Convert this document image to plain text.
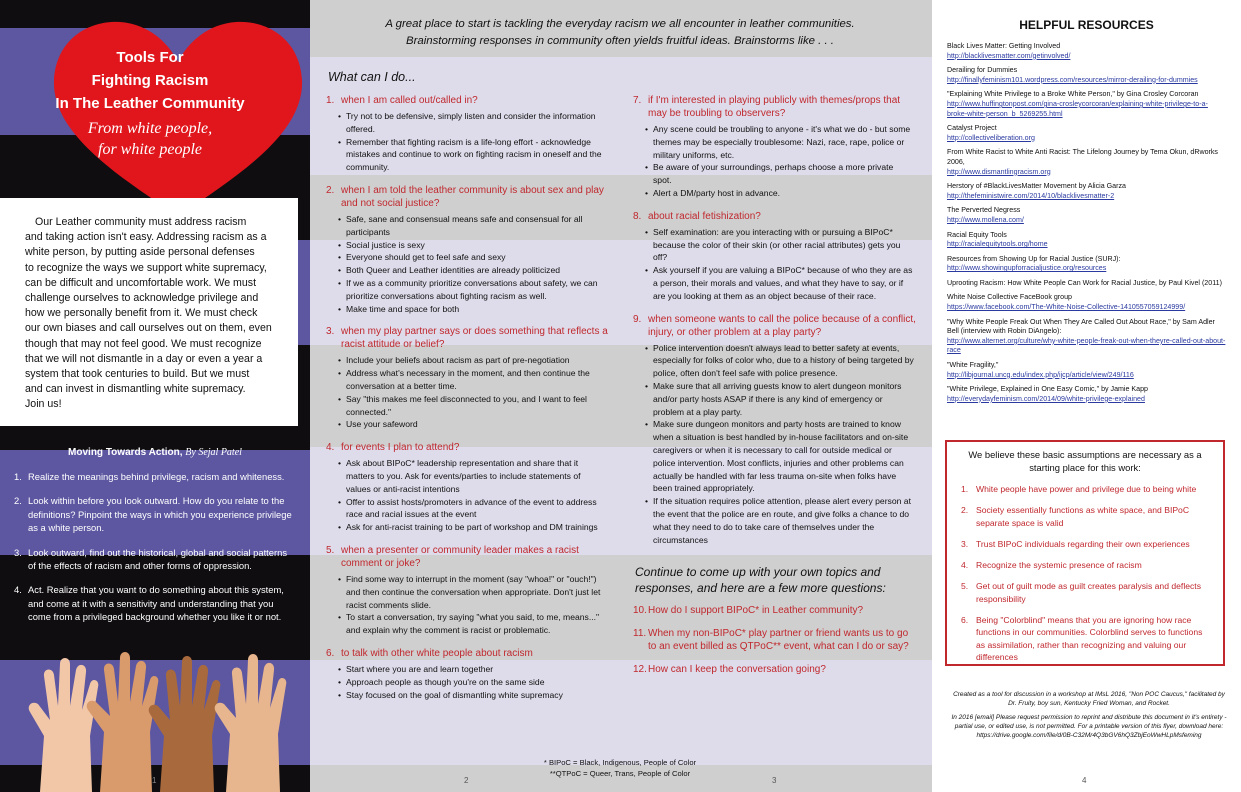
Tools For
Fighting Racism
In The Leather Community
From white people,
for white people
Our Leather community must address racism
and taking action isn't easy. Addressing racism as a
white person, by putting aside personal defenses
to recognize the ways we support white supremacy,
can be difficult and uncomfortable work. We must
challenge ourselves to acknowledge privilege and
how we personally benefit from it. We must check
our own biases and call ourselves out on them, even
though that may not feel good. We must recognize
that we will not dismantle in a day or even a year a
system that took centuries to build. But we must
and can invest in dismantling white supremacy.
Join us!
Moving Towards Action, By Sejal Patel
1. Realize the meanings behind privilege, racism and whiteness.
2. Look within before you look outward. How do you relate to the definitions? Pinpoint the ways in which you experience privilege as a white person.
3. Look outward, find out the historical, global and social patterns of the effects of racism and other forms of oppression.
4. Act. Realize that you want to do something about this system, and come at it with a sensitivity and understanding that you come from a privileged background whether you like it or not.
1
A great place to start is tackling the everyday racism we all encounter in leather communities.
Brainstorming responses in community often yields fruitful ideas. Brainstorms like . . .
What can I do...
1. when I am called out/called in?
• Try not to be defensive, simply listen and consider the information offered.
• Remember that fighting racism is a life-long effort - acknowledge mistakes and continue to work on fighting racism in oneself and the community.
2. when I am told the leather community is about sex and play and not social justice?
• Safe, sane and consensual means safe and consensual for all participants
• Social justice is sexy
• Everyone should get to feel safe and sexy
• Both Queer and Leather identities are already politicized
• If we as a community prioritize conversations about safety, we can prioritize conversations about fighting racism as well.
• Make time and space for both
3. when my play partner says or does something that reflects a racist attitude or belief?
• Include your beliefs about racism as part of pre-negotiation
• Address what's necessary in the moment, and then continue the conversation at a better time.
• Say "this makes me feel disconnected to you, and I want to feel connected."
• Use your safeword
4. for events I plan to attend?
• Ask about BIPoC* leadership representation and share that it matters to you. Ask for events/parties to include statements of values or anti-racist intentions
• Offer to assist hosts/promoters in advance of the event to address race and racial issues at the event
• Ask for anti-racist training to be part of workshop and DM trainings
5. when a presenter or community leader makes a racist comment or joke?
• Find some way to interrupt in the moment (say "whoa!" or "ouch!") and then continue the conversation when appropriate. Don't just let racist comments slide.
• To start a conversation, try saying "what you said, to me, means..." and explain why the comment is racist or problematic.
6. to talk with other white people about racism
• Start where you are and learn together
• Approach people as though you're on the same side
• Stay focused on the goal of dismantling white supremacy
7. if I'm interested in playing publicly with themes/props that may be troubling to observers?
• Any scene could be troubling to anyone - it's what we do - but some themes may be especially troublesome: Nazi, race, rape, police or military uniforms, etc.
• Be aware of your surroundings, perhaps choose a more private spot.
• Alert a DM/party host in advance.
8. about racial fetishization?
• Self examination: are you interacting with or pursuing a BIPoC* because the color of their skin (or other racial attributes) gets you off?
• Ask yourself if you are valuing a BIPoC* because of who they are as a person, their morals and values, and what they have to say, or if are you looking at them as an object because of their race.
9. when someone wants to call the police because of a conflict, injury, or other problem at a play party?
• Police intervention doesn't always lead to better safety at events, especially for folks of color who, due to a history of being targeted by police, often don't feel safe with police presence.
• Make sure that all arriving guests know to alert dungeon monitors and/or party hosts ASAP if there is any kind of emergency or problem at a play party.
• Make sure dungeon monitors and party hosts are trained to know when a situation is best handled by in-house facilitators and on-site caregivers or when it is necessary to call for outside medical or police intervention. Most conflicts, injuries and other problems can actually be handled with far less trauma on-site when folks have been trained appropriately.
• If the situation requires police attention, please alert every person at the event that the police are en route, and give folks a chance to do what they need to do to take care of themselves under the circumstances
Continue to come up with your own topics and responses, and here are a few more questions:
10. How do I support BIPoC* in Leather community?
11. When my non-BIPoC* play partner or friend wants us to go to an event billed as QTPoC** event, what can I do or say?
12. How can I keep the conversation going?
* BIPoC = Black, Indigenous, People of Color
**QTPoC = Queer, Trans, People of Color
2	3
HELPFUL RESOURCES
Black Lives Matter: Getting Involved
http://blacklivesmatter.com/getinvolved/
Derailing for Dummies
http://finallyfeminism101.wordpress.com/resources/mirror-derailing-for-dummies
"Explaining White Privilege to a Broke White Person," by Gina Crosley Corcoran
http://www.huffingtonpost.com/gina-crosleycorcoran/explaining-white-privilege-to-a-broke-white-person_b_5269255.html
Catalyst Project
http://collectiveliberation.org
From White Racist to White Anti Racist: The Lifelong Journey by Tema Okun, dRworks 2006,
http://www.dismantlingracism.org
Herstory of #BlackLivesMatter Movement by Alicia Garza
http://thefeministwire.com/2014/10/blacklivesmatter-2
The Perverted Negress
http://www.mollena.com/
Racial Equity Tools
http://racialequitytools.org/home
Resources from Showing Up for Racial Justice (SURJ):
http://www.showingupforracialjustice.org/resources
Uprooting Racism: How White People Can Work for Racial Justice, by Paul Kivel (2011)
White Noise Collective FaceBook group
https://www.facebook.com/The-White-Noise-Collective-1410557059124999/
"Why White People Freak Out When They Are Called Out About Race," by Sam Adler Bell (interview with Robin DiAngelo):
http://www.alternet.org/culture/why-white-people-freak-out-when-theyre-called-out-about-race
"White Fragility,"
http://libjournal.uncg.edu/index.php/ijcp/article/view/249/116
"White Privilege, Explained in One Easy Comic," by Jamie Kapp
http://everydayfeminism.com/2014/09/white-privilege-explained
We believe these basic assumptions are necessary as a starting place for this work:
1. White people have power and privilege due to being white
2. Society essentially functions as white space, and BIPoC separate space is valid
3. Trust BIPoC individuals regarding their own experiences
4. Recognize the systemic presence of racism
5. Get out of guilt mode as guilt creates paralysis and deflects responsibility
6. Being "Colorblind" means that you are ignoring how race functions in our communities. Colorblind serves to functions as assimilation, rather than recognizing and valuing our differences

Created as a tool for discussion in a workshop at IMsL 2016, "Non POC Caucus," facilitated by Dr. Fruity, boy sun, Kentucky Fried Woman, and Rocket.

In 2016 [email] Please request permission to reprint and distribute this document in it's entirety - partial use, or edited use, is not permitted. For a printable version of this flyer, download here: https://drive.google.com/file/d/0B-C32Mr4Q3bGV6hQ3ZbjEoWwHLpMsfeming

4
